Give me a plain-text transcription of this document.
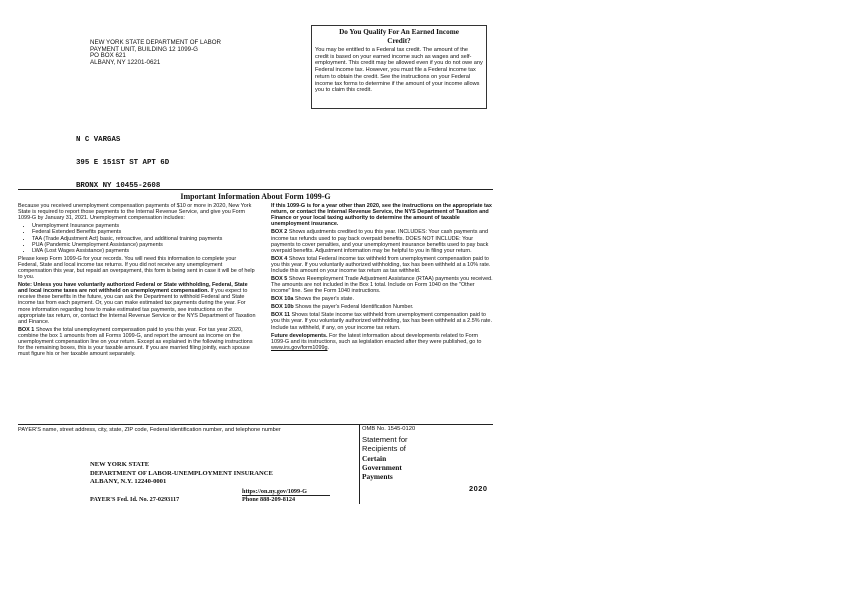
NEW YORK STATE DEPARTMENT OF LABOR
PAYMENT UNIT, BUILDING 12 1099-G
PO BOX 621
ALBANY, NY 12201-0621
Do You Qualify For An Earned Income
Credit?
You may be entitled to a Federal tax credit. The amount of the credit is based on your earned income such as wages and self-employment. This credit may be allowed even if you do not owe any Federal income tax. However, you must file a Federal income tax return to obtain the credit. See the instructions on your Federal income tax forms to determine if the amount of your income allows you to claim this credit.

N C VARGAS

395 E 151ST ST APT 6D

BRONX NY 10455-2608

Important Information About Form 1099-G

Because you received unemployment compensation payments of $10 or more in 2020, New York State is required to report those payments to the Internal Revenue Service, and give you Form 1099-G by January 31, 2021. Unemployment compensation includes:

• Unemployment Insurance payments
• Federal Extended Benefits payments
• TAA (Trade Adjustment Act) basic, retroactive, and additional training payments
• PUA (Pandemic Unemployment Assistance) payments
• LWA (Lost Wages Assistance) payments

Please keep Form 1099-G for your records. You will need this information to complete your Federal, State and local income tax returns. If you did not receive any unemployment compensation this year, but repaid an overpayment, this form is being sent in case it will be of help to you.

Note: Unless you have voluntarily authorized Federal or State withholding, Federal, State and local income taxes are not withheld on unemployment compensation. If you expect to receive these benefits in the future, you can ask the Department to withhold Federal and State income tax from each payment. Or, you can make estimated tax payments during the year. For more information regarding how to make estimated tax payments, see instructions on the appropriate tax return, or, contact the Internal Revenue Service or the NYS Department of Taxation and Finance.

BOX 1 Shows the total unemployment compensation paid to you this year. For tax year 2020, combine the box 1 amounts from all Forms 1099-G, and report the amount as income on the unemployment compensation line on your return. Except as explained in the following instructions for the remaining boxes, this is your taxable amount. If you are married filing jointly, each spouse must figure his or her taxable amount separately.

If this 1099-G is for a year other than 2020, see the instructions on the appropriate tax return, or contact the Internal Revenue Service, the NYS Department of Taxation and Finance or your local taxing authority to determine the amount of taxable unemployment insurance.

BOX 2 Shows adjustments credited to you this year. INCLUDES: Your cash payments and income tax refunds used to pay back overpaid benefits. DOES NOT INCLUDE: Your payments to cover penalties, and your unemployment insurance benefits used to pay back overpaid benefits. Adjustment information may be helpful to you in filing your return.

BOX 4 Shows total Federal income tax withheld from unemployment compensation paid to you this year. If you voluntarily authorized withholding, tax has been withheld at a 10% rate. Include this amount on your income tax return as tax withheld.

BOX 5 Shows Reemployment Trade Adjustment Assistance (RTAA) payments you received. The amounts are not included in the Box 1 total. Include on Form 1040 on the "Other income" line. See the Form 1040 instructions.

BOX 10a Shows the payer's state.

BOX 10b Shows the payer's Federal Identification Number.

BOX 11 Shows total State income tax withheld from unemployment compensation paid to you this year. If you voluntarily authorized withholding, tax has been withheld at a 2.5% rate. Include tax withheld, if any, on your income tax return.

Future developments. For the latest information about developments related to Form 1099-G and its instructions, such as legislation enacted after they were published, go to www.irs.gov/form1099g.

PAYER'S name, street address, city, state, ZIP code, Federal identification number, and telephone number	OMB No. 1545-0120
Statement for
Recipients of
Certain
Government
Payments
2020
NEW YORK STATE
DEPARTMENT OF LABOR-UNEMPLOYMENT INSURANCE
ALBANY, N.Y. 12240-0001
https://on.ny.gov/1099-G
PAYER'S Fed. Id. No. 27-0293117	Phone 888-209-8124
